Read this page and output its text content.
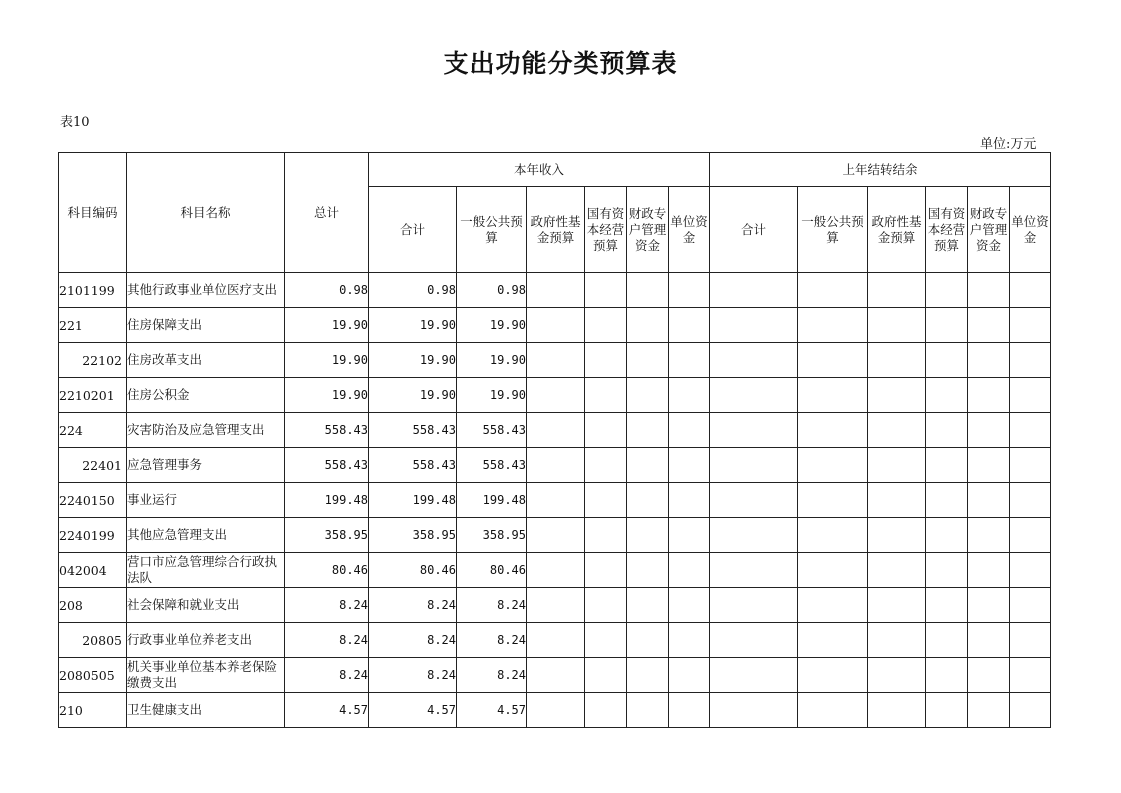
支出功能分类预算表
表10
单位:万元
科目编码	科目名称	总计	本年收入						上年结转结余					
			合计	一般公共预算	政府性基金预算	国有资本经营预算	财政专户管理资金	单位资金	合计	一般公共预算	政府性基金预算	国有资本经营预算	财政专户管理资金	单位资金
2101199	其他行政事业单位医疗支出	0.98	0.98	0.98										
221	住房保障支出	19.90	19.90	19.90										
22102	住房改革支出	19.90	19.90	19.90										
2210201	住房公积金	19.90	19.90	19.90										
224	灾害防治及应急管理支出	558.43	558.43	558.43										
22401	应急管理事务	558.43	558.43	558.43										
2240150	事业运行	199.48	199.48	199.48										
2240199	其他应急管理支出	358.95	358.95	358.95										
042004	营口市应急管理综合行政执法队	80.46	80.46	80.46										
208	社会保障和就业支出	8.24	8.24	8.24										
20805	行政事业单位养老支出	8.24	8.24	8.24										
2080505	机关事业单位基本养老保险缴费支出	8.24	8.24	8.24										
210	卫生健康支出	4.57	4.57	4.57										
